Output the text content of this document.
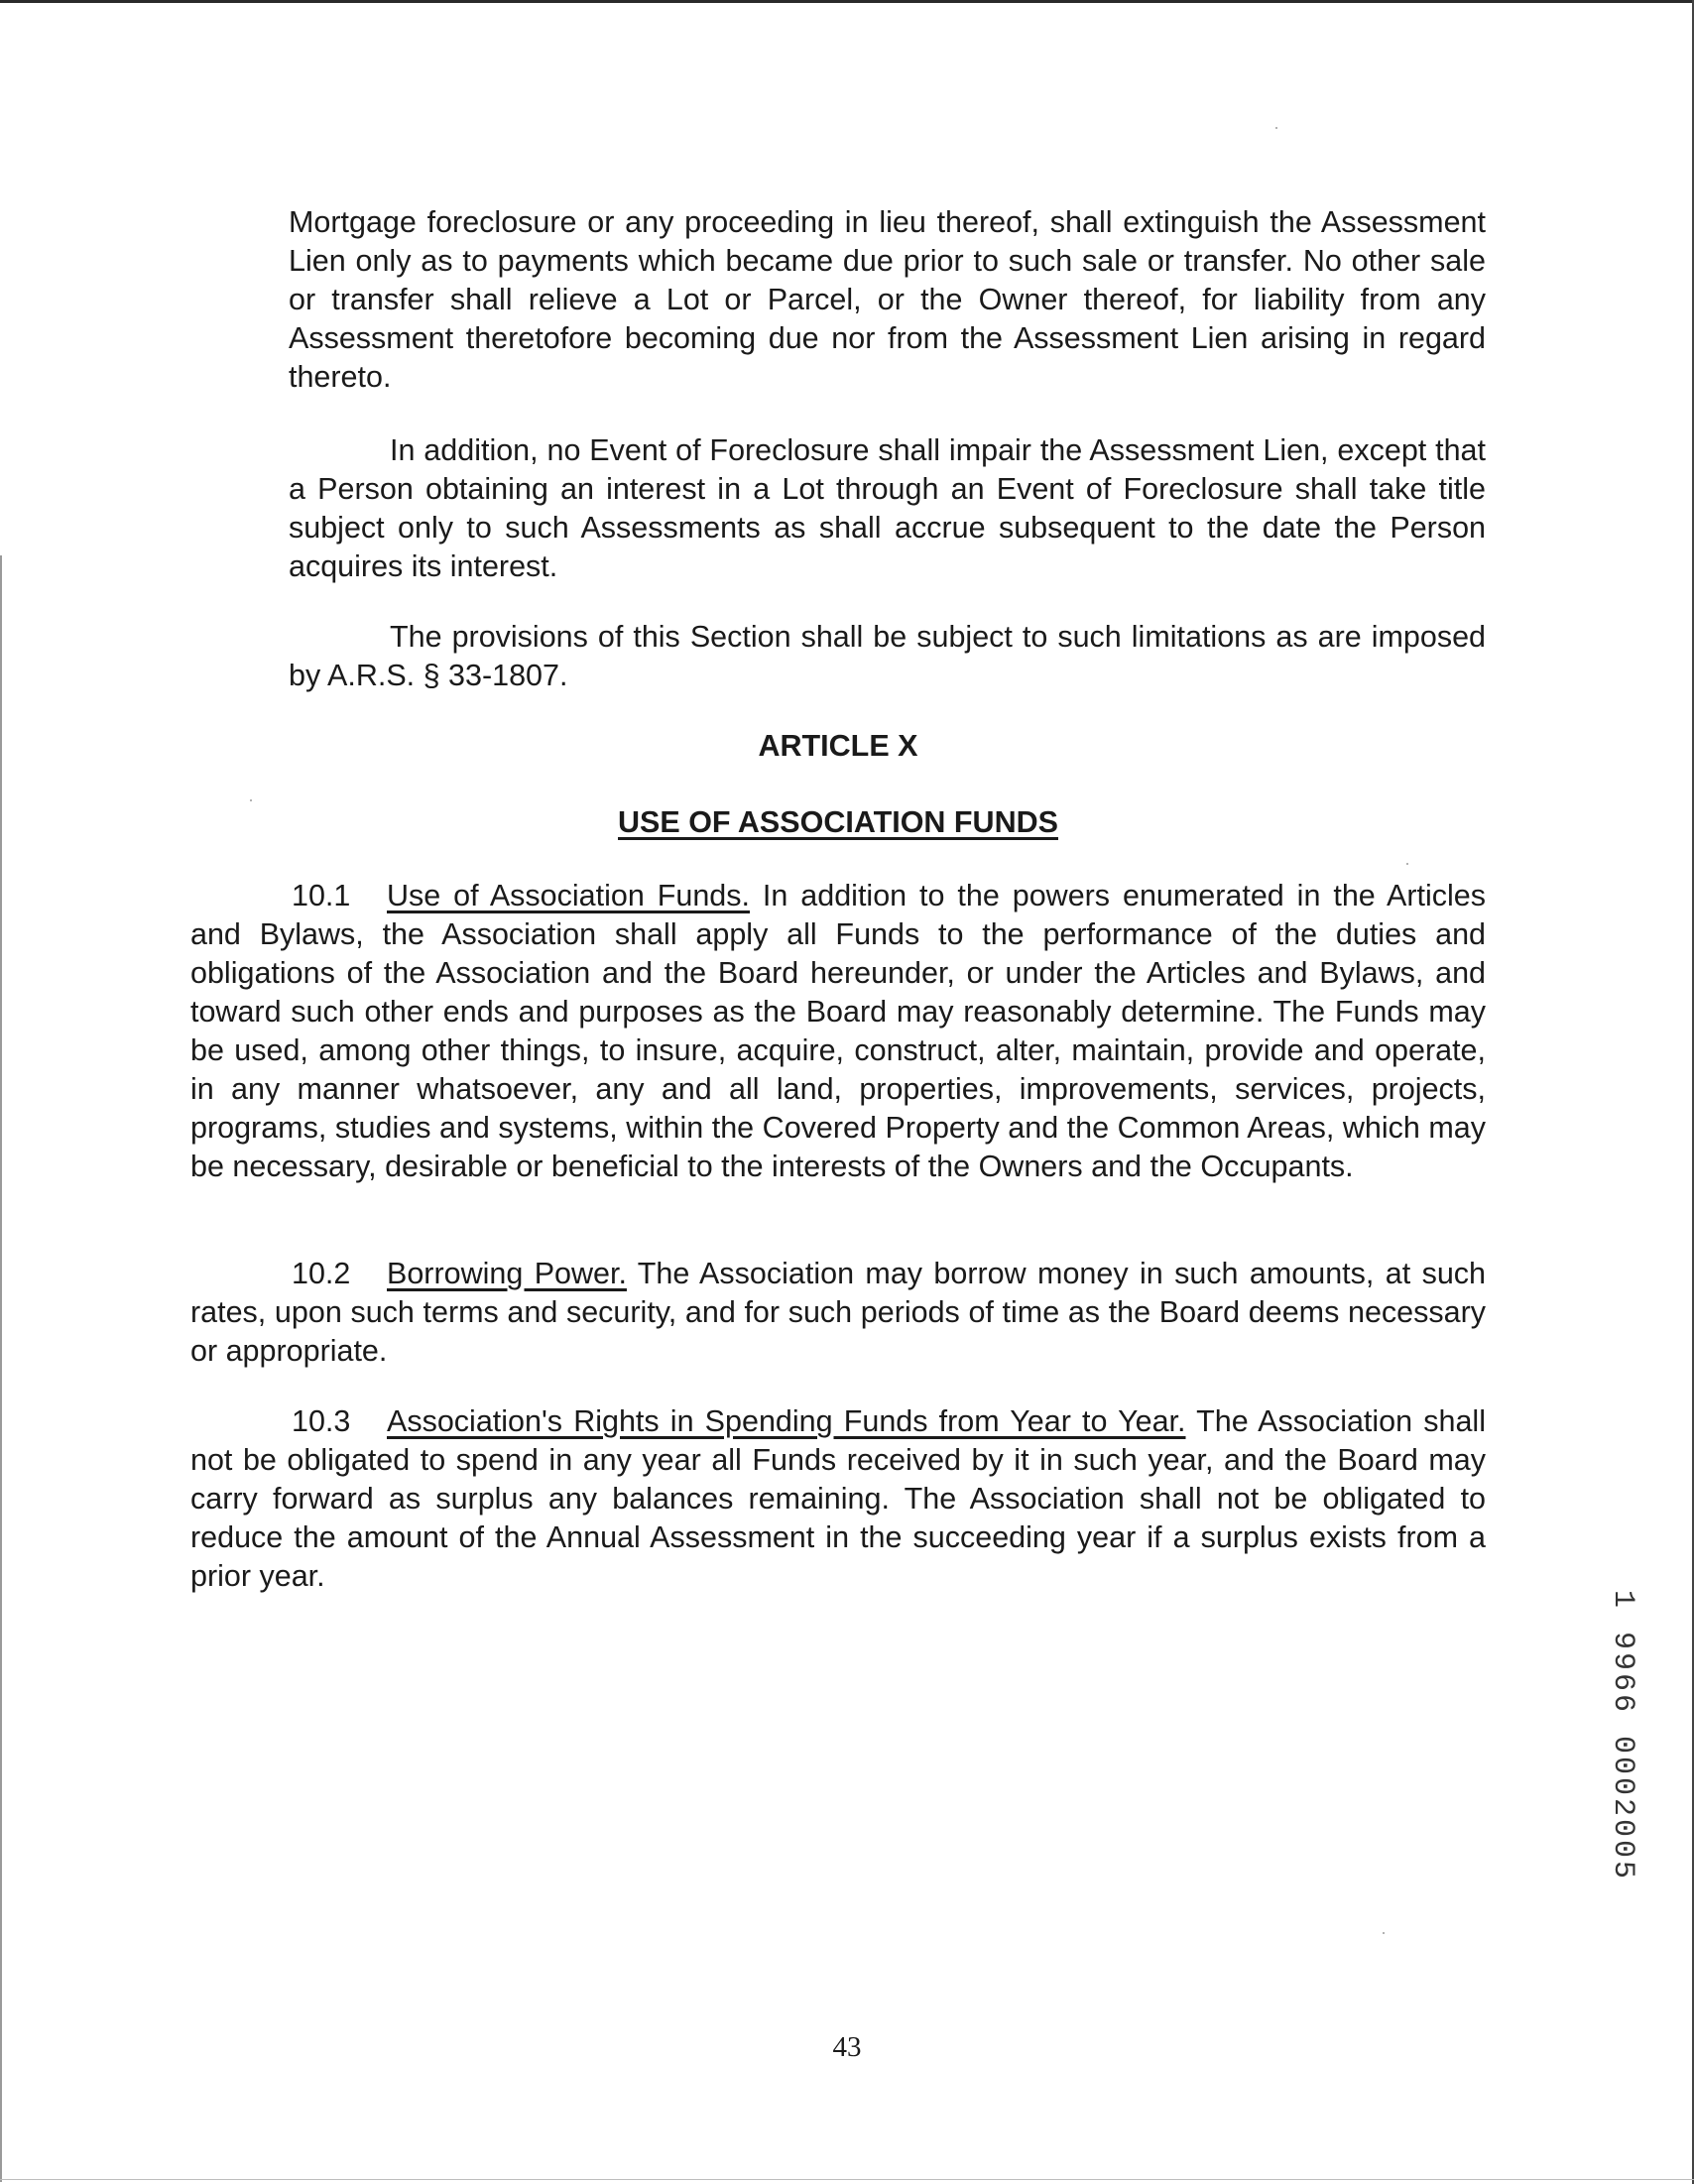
Mortgage foreclosure or any proceeding in lieu thereof, shall extinguish the Assessment Lien only as to payments which became due prior to such sale or transfer. No other sale or transfer shall relieve a Lot or Parcel, or the Owner thereof, for liability from any Assessment theretofore becoming due nor from the Assessment Lien arising in regard thereto.

In addition, no Event of Foreclosure shall impair the Assessment Lien, except that a Person obtaining an interest in a Lot through an Event of Foreclosure shall take title subject only to such Assessments as shall accrue subsequent to the date the Person acquires its interest.

The provisions of this Section shall be subject to such limitations as are imposed by A.R.S. § 33-1807.

ARTICLE X
USE OF ASSOCIATION FUNDS

10.1 Use of Association Funds. In addition to the powers enumerated in the Articles and Bylaws, the Association shall apply all Funds to the performance of the duties and obligations of the Association and the Board hereunder, or under the Articles and Bylaws, and toward such other ends and purposes as the Board may reasonably determine. The Funds may be used, among other things, to insure, acquire, construct, alter, maintain, provide and operate, in any manner whatsoever, any and all land, properties, improvements, services, projects, programs, studies and systems, within the Covered Property and the Common Areas, which may be necessary, desirable or beneficial to the interests of the Owners and the Occupants.

10.2 Borrowing Power. The Association may borrow money in such amounts, at such rates, upon such terms and security, and for such periods of time as the Board deems necessary or appropriate.

10.3 Association's Rights in Spending Funds from Year to Year. The Association shall not be obligated to spend in any year all Funds received by it in such year, and the Board may carry forward as surplus any balances remaining. The Association shall not be obligated to reduce the amount of the Annual Assessment in the succeeding year if a surplus exists from a prior year.

1 9966 0002005

43
